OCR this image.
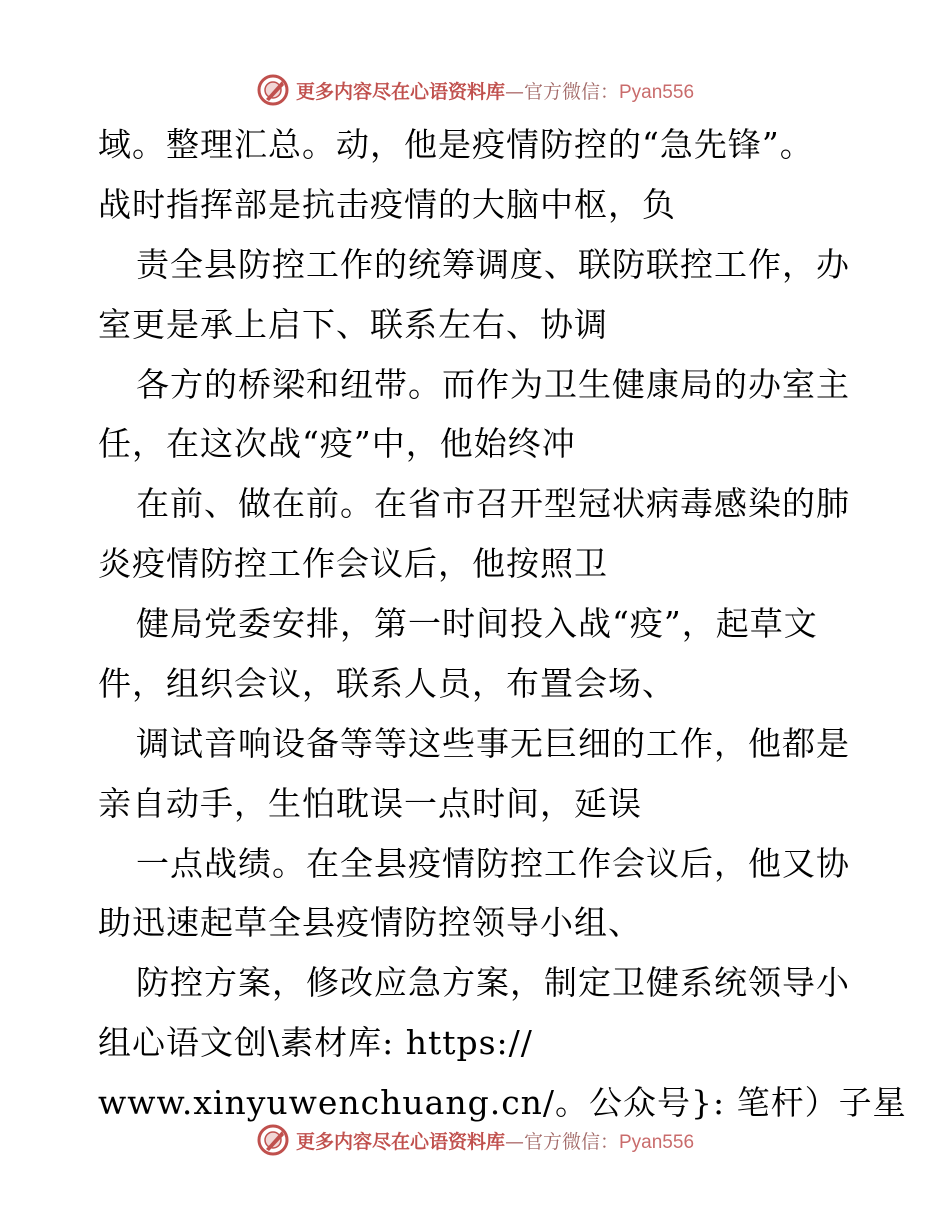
更多内容尽在心语资料库—官方微信：Pyan556
域。整理汇总。动，他是疫情防控的“急先锋”。
战时指挥部是抗击疫情的大脑中枢，负
责全县防控工作的统筹调度、联防联控工作，办
室更是承上启下、联系左右、协调
各方的桥梁和纽带。而作为卫生健康局的办室主
任，在这次战“疫”中，他始终冲
在前、做在前。在省市召开型冠状病毒感染的肺
炎疫情防控工作会议后，他按照卫
健局党委安排，第一时间投入战“疫”，起草文
件，组织会议，联系人员，布置会场、
调试音响设备等等这些事无巨细的工作，他都是
亲自动手，生怕耽误一点时间，延误
一点战绩。在全县疫情防控工作会议后，他又协
助迅速起草全县疫情防控领导小组、
防控方案，修改应急方案，制定卫健系统领导小
组心语文创\素材库: https://
www.xinyuwenchuang.cn/。公众号}: 笔杆）子星
更多内容尽在心语资料库—官方微信：Pyan556
